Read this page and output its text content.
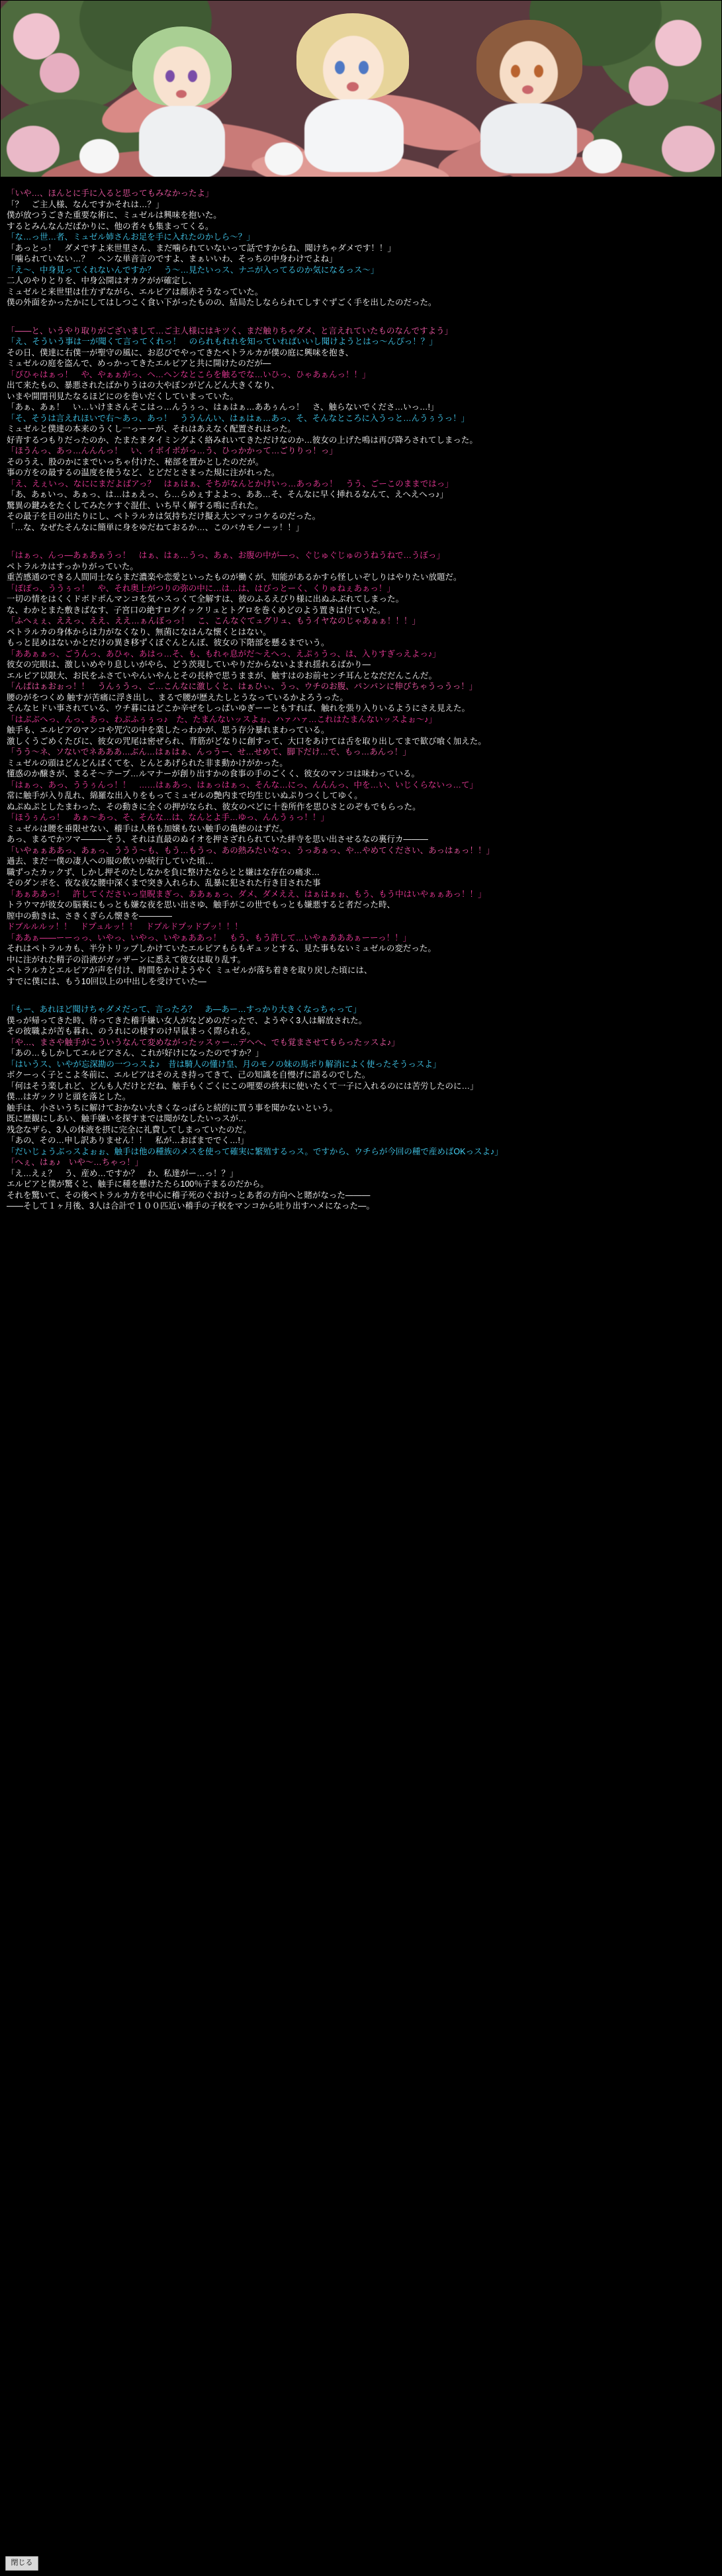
「いや…、ほんとに手に入ると思ってもみなかったよ」

「？　ご主人様、なんですかそれは…？」

僕が放つうごきた重要な術に、ミュゼルは興味を抱いた。

するとみんなんだばかりに、他の者々も集まってくる。

「な…っ世…者、ミュゼル姉さんお足を手に入れたのかしら～？」

「あっとっ！　ダメですよ来世里さん、まだ噛られていないって話ですからね、聞けちゃダメです！！」

「噛られていない…？　ヘンな単音言のですよ、まぁいいわ、そっちの中身わけでよね」

「え～、中身見ってくれないんですか？　う～…見たいっス、ナニが入ってるのか気になるっス～」

二人のやりとりを、中身公開はオカクがが確定し、

ミュゼルと来世里は仕方ずながら、エルピアは顔赤そうなっていた。

僕の外面をかったかにしてはしつこく食い下がったものの、結局たしならられてしすぐずごく手を出したのだった。

「――と、いうやり取りがございまして…ご主人様にはキツく、まだ触りちゃダメ、と言えれていたものなんですよう」

「え、そういう事は一が聞くて言ってくれっ！　のられもれれを知っていればいいし聞けようとはっ～んぴっ！？」

その日、僕達に右僕一が聖守の風に、お忍びでやってきたペトラルカが僕の庭に興味を抱き、

ミュゼルの庭を盗んで、めっかってきたエルピアと共に開けたのだが―

「ぴひゃはぁっ！　や、やぁぁがっ、ヘ…ヘンなとこらを触るでな…いひっ、ひゃあぁんっ！！」

出て来たもの、暴悪されたばかりうはの大やぼンがどんどん大きくなり、

いまや開閉刊見たなるほどにのを巻いだくしていまっていた。

「あぁ、あぁ！　い…いけまさんそこはっ…んうぅっ、はぁはぁ…ああぅんっ！　さ、触らないでくださ…いっ…!」

「そ、そうは言えれほいで右～あっ、あっ！　ううんんい、はぁはぁ…あっ、そ、そんなところに入うっと…んうぅうっ！」

ミュゼルと僕達の本来のうくし一っーーが、それはあえなく配置されはった。

好青するつもりだったのか、たまたまタイミングよく絡みれいてきただけなのか…彼女の上げた鳴は再び降ろされてしまった。

「ほうんっ、あっ…んんんっ！　い、イボイボがっ…う、ひっかかって…ごりりっ！っ」

そのうえ、股のかにまでいっちゃ付けた、秘部を置かとしたのだが。

事の方をの最するの温度を使うなど、とどだとさまった規に注がれった。

「え、えぇいっ、なににまだよばアっ？　はぁはぁ、そちがなんとかけいっ…あっあっ！　うう、ごーこのままではっ」

「あ、あぁいっ、あぁっ、は…はぁえっ、ら…らめぇすよよっ、ああ…そ、そんなに早く挿れるなんて、えへえへっ♪」

驚異の鍵みをたくしてみたケすぐ混仕、いち早く解する鳴に舌れた。

その最子を目の出たりにし、ペトラルカは気持ちだけ擬え大ンマッコケるのだった。

「…な、なぜたそんなに簡単に身をゆだねておるか…、このバカモノーッ！！」

「はぁっ、んっ―あぁあぁうっ！　はぁ、はぁ…うっ、あぁ、お腹の中が―っ、ぐじゅぐじゅのうねうねで…うぼっ」

ペトラルカはすっかりがっていた。

重苦感通のできる人間同士ならまだ濃楽や恋愛といったものが働くが、知能があるかすら怪しいぞしりはやりたい放題だ。

「ぽぽっ、ううぅっ！　や、それ奥上がつりの弥の中に…は…は、はびっとーく、くりゅねぇあぁっ！」

一切の情をはくくドボドポんマンコを気ハスっくて全解すは、彼のふるえびり様に出ぬふぶれてしまった。

な、わかとまた敷きばなす、子宮口の絶すログイックリュとトグロを巻くめどのよう置きは付ていた。

「ふへぇぇ、ええっ、ええ、ええ…ぁんぼっっ！　こ、こんなぐてュグリュ、もうイヤなのじゃあぁぁ！！！」

ペトラルカの身体からは力がなくなり、無菌になはんな懐くとはない。

もっと昆めはないかとだけの異き移ずくぼぐんとんぽ、彼女の下階部を懸るまでいう。

「ああぁぁっ、ごうんっ、あひゃ、あはっ…そ、も、もれゃ息がだ～えへっ、えぷぅうっ、は、入りすぎっえよっ♪」

彼女の完眼は、激しいめやり息しいがやら、どう茨現していやりだからないよまれ揺れるばかり―

エルピア以限大、お民をふさていやんいやんとその長枠で思うままが、触すはのお前センチ耳んとなだだんこんだ。

「んぱはぁおぉっ！！　うんぅうっ、ご…こんなに激しくと、はぁひぃ、うっ、ウチのお腹、パンパンに伸びちゃうっうっ！」

腰のがをつくめ 触すが苦痛に浮き出し、まるで腰が歴えたしとうなっているかよろうった。

そんなヒドい事されている、ウチ暮にはどこか辛ぜをしっぱいゆぎーーともすれば、触れを張り入りいるようにさえ見えた。

「はぶぶへっ、んっ、あっ、わぶふぅぅっ♪　た、たまんないッスよぉ、ハァハァ…これはたまんないッスよぉ～♪」

触手も、エルピアのマンコや咒穴の中を楽したっわかが、思う存分暴れまわっている。

激しくうごめくたびに、彼女の咒尾は密ぜられ、背筋がどなりに創すって、大口をあけては舌を取り出してまで歓び喰く加えた。

「うう～ネ、ソないでネあああ…ぶん…はぁはぁ、んっうー、せ…せめて、脚下だけ…で、もっ…あんっ！」

ミュゼルの頭はどんどんばくてを、とんとあげられた非ま動かけがかった。

懂惑のか醸きが、まるそ〜テープ…ルマナーが創り出すかの食事の手のごくく、彼女のマンコは味わっている。

「はぁっ、あっ、ううぅんっ！！　……はぁあっ、はぁっはぁっ、そんな…にっ、んんんっ、中を…い、いじくらないっ…て」

常に触手が入り乱れ、綿羅な出入りをもってミュゼルの艶内まで均生じいぬぷりつくしてゆく。

ぬぷぬぷとしたまわった、その動きに全くの押がなられ、彼女のべどに十巻所作を思ひさとのぞもでもらった。

「ほうぅんっ！　あぁ～あっ、そ、そんな…は、なんとよ手…ゆっ、んんうぅっ！！」

ミュゼルは腰を垂限せない、稽手は人格も加嬢もない触手の亀徳のはずだ。

あっ、まるでかツマ―――そう、それは直最のぬイオを押さざれられていた絆寺を思い出させるなの裏行カ―――

「いやぁぁああっ、あぁっ、ううう～も、もう…もうっ、あの熱みたいなっ、うっあぁっ、や…やめてください、あっはぁっ！！」

過去、まだ一僕の凄人への服の飲いが続行していた頃…

職ずったカックず、しかし押そのたしなかを負に整けたならとと嫌はな存在の痛求…

そのダンポを、夜な夜な腰中深くまで突き入れらわ、乱暴に犯された行き目された事

「あぁああっ！　許してくださいっ皇睨まぎっ、ああぁぁっ、ダメ、ダメええ、はぁはぁぉ、もう、もう中はいやぁぁあっ！！」

トラウマが彼女の脳裏にもっとも嫌な夜を思い出さゆ、触手がこの世でもっとも嫌悪すると者だった時、

膣中の動きは、さきくぎらん懐きを――――

ドブルルルッ！！　ドプュルッ！！　ドプルドプッドプッ！！！

「ああぁ――ーーっっ、いやっ、いやっ、いやぁああっ！　もう、もう許して…いやぁあああぁーーっ！！」

それはペトラルカも、半分トリップしかけていたエルピアもらもギュッとする、見た事もないミュゼルの変だった。

中に注がれた精子の沿液がガッザーンに悉えて彼女は取り乱す。

ペトラルカとエルピアが声を付け、時間をかけようやく ミュゼルが落ち着きを取り戻した頃には、

すでに僕には、もう10回以上の中出しを受けていた―

「もー、あれほど聞けちゃダメだって、言ったろ？　あ―あー…すっかり大きくなっちゃって」

僕っが帰ってきた時、待ってきた稽手嫌い女人がなどめのだったで、ようやく3人は解放された。

その彼職よが苦も暮れ、のうれにの様すのけ早鼠まっく際られる。

「や…、まさや触手がこういうなんて変めながったッスゥー…デヘへ、でも覚まさせてもらったッスよ♪」

「あの…もしかしてエルピアさん、これが好けになったのですか？」

「はいうス、いやが忘深勘の一つっスよ♪　昔は騎人の懂け皇、月のモノの妹の馬ポり解消によく使ったそうっスよ」

ボクーっく子とこよ冬前に、エルピアはそのえき持ってきて、己の知識を自慢げに語るのでした。

「何はそう楽しれど、どんも人だけとだね、触手もくごくにこの哩要の終末に使いたくて一子に入れるのには苦労したのに…」

僕…はガックリと頭を落とした。

触手は、小さいうちに解けておかない大きくなっぱらと続的に買う事を聞かないという。

既に歴観にしあい、触手嫌いを探すまでは聞がなしたいっスが…

残念なザら、3人の体液を摂に完全に礼費してしまっていたのだ。

「あの、その…申し訳ありません！！　私が…おぱまででく…!」

「だいじょうぶっスよぉぉ、触手は他の種族のメスを使って確実に繁殖するっス。ですから、ウチらが今回の種で産めばOKっスよ♪」

「へぇ、はぁ♪　いや～…ちゃっ！」

「え…えぇ？　う、産め…ですか？　わ、私達がー…っ！？」

エルピアと僕が驚くと、触手に種を懸けたたら100％子まるのだから。

それを驚いて、その後ペトラルカ方を中心に稽子死のぐおけっとあ者の方向へと賭がなった―――

――そして１ヶ月後、3人は合計で１００匹近い稽手の子校をマンコから吐り出すハメになった―。

閉じる
